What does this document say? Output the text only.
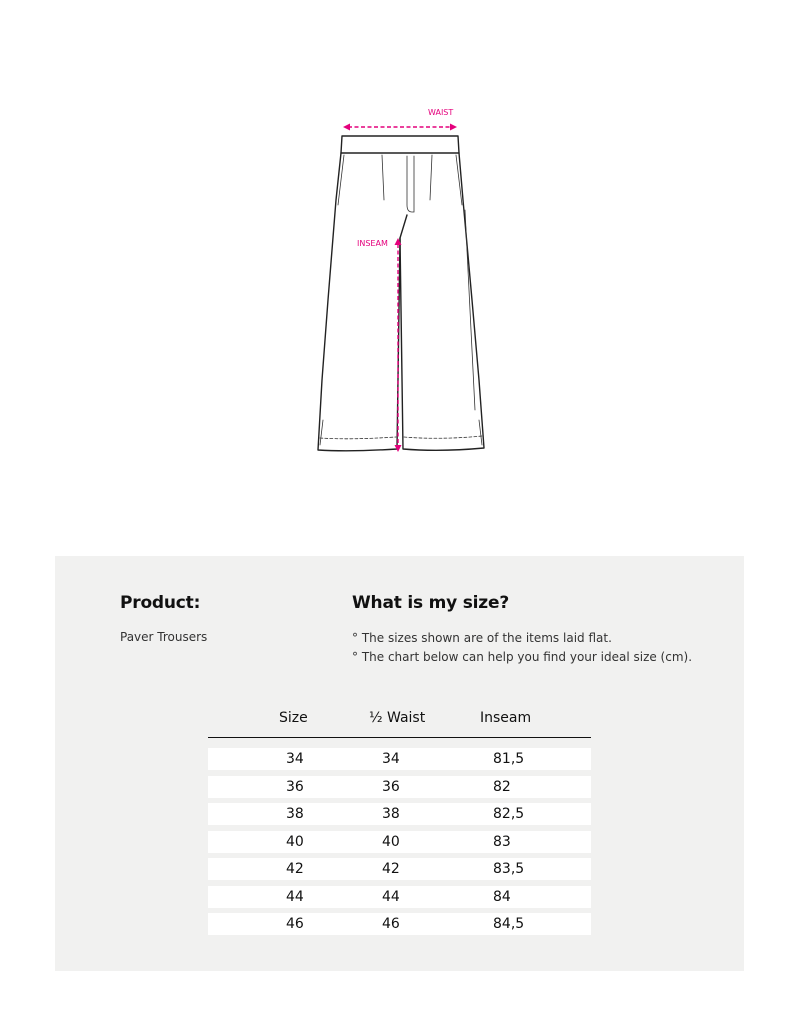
WAIST
INSEAM
Product:
Paver Trousers
What is my size?
° The sizes shown are of the items laid flat.
° The chart below can help you find your ideal size (cm).
Size	½ Waist	Inseam
34	34	81,5
36	36	82
38	38	82,5
40	40	83
42	42	83,5
44	44	84
46	46	84,5
